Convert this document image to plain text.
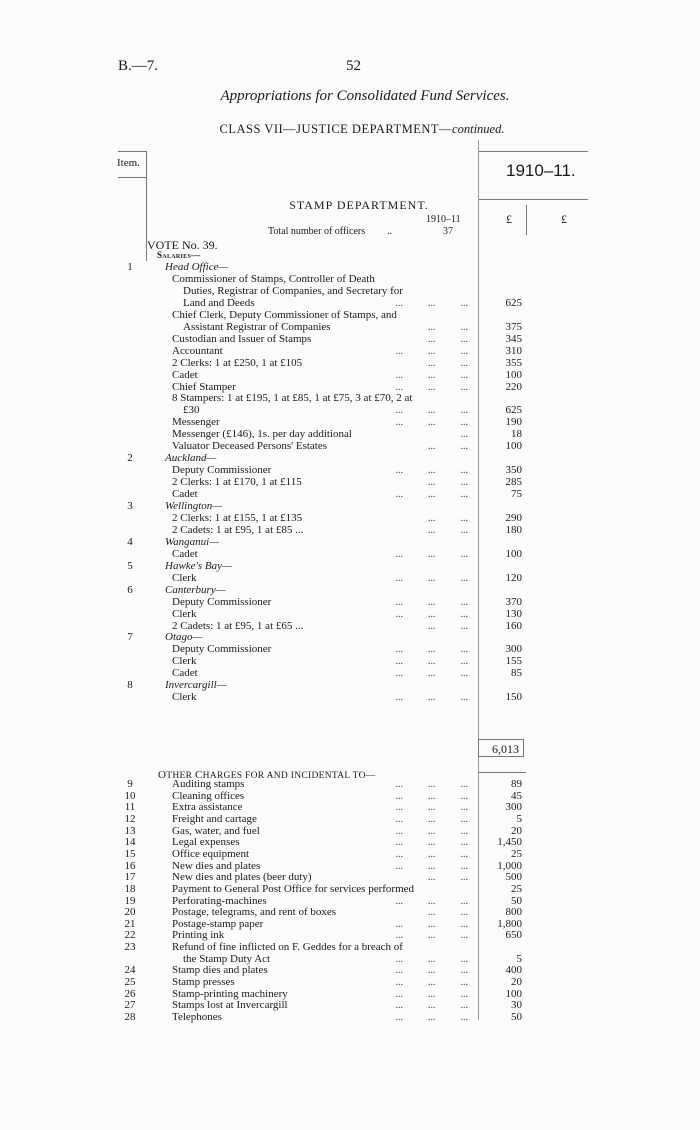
B.—7.	52
Appropriations for Consolidated Fund Services.
CLASS VII—JUSTICE DEPARTMENT—continued.
Item.	1910–11.
£	£
STAMP DEPARTMENT.
1910–11
Total number of officers ..	37
VOTE No. 39.
Salaries—
1	Head Office—
Commissioner of Stamps, Controller of Death
Duties, Registrar of Companies, and Secretary for
Land and Deeds	...          ...          ...	625
Chief Clerk, Deputy Commissioner of Stamps, and
Assistant Registrar of Companies	...          ...	375
Custodian and Issuer of Stamps	...          ...	345
Accountant	...          ...          ...	310
2 Clerks: 1 at £250, 1 at £105	...          ...	355
Cadet	...          ...          ...	100
Chief Stamper	...          ...          ...	220
8 Stampers: 1 at £195, 1 at £85, 1 at £75, 3 at £70, 2 at
£30	...          ...          ...	625
Messenger	...          ...          ...	190
Messenger (£146), 1s. per day additional	...	18
Valuator Deceased Persons' Estates	...          ...	100
2	Auckland—
Deputy Commissioner	...          ...          ...	350
2 Clerks: 1 at £170, 1 at £115	...          ...	285
Cadet	...          ...          ...	75
3	Wellington—
2 Clerks: 1 at £155, 1 at £135	...          ...	290
2 Cadets: 1 at £95, 1 at £85 ...	...          ...	180
4	Wanganui—
Cadet	...          ...          ...	100
5	Hawke's Bay—
Clerk	...          ...          ...	120
6	Canterbury—
Deputy Commissioner	...          ...          ...	370
Clerk	...          ...          ...	130
2 Cadets: 1 at £95, 1 at £65 ...	...          ...	160
7	Otago—
Deputy Commissioner	...          ...          ...	300
Clerk	...          ...          ...	155
Cadet	...          ...          ...	85
8	Invercargill—
Clerk	...          ...          ...	150
6,013
OTHER CHARGES FOR AND INCIDENTAL TO—
9	Auditing stamps	...          ...          ...	89
10	Cleaning offices	...          ...          ...	45
11	Extra assistance	...          ...          ...	300
12	Freight and cartage	...          ...          ...	5
13	Gas, water, and fuel	...          ...          ...	20
14	Legal expenses	...          ...          ...	1,450
15	Office equipment	...          ...          ...	25
16	New dies and plates	...          ...          ...	1,000
17	New dies and plates (beer duty)	...          ...	500
18	Payment to General Post Office for services performed	25
19	Perforating-machines	...          ...          ...	50
20	Postage, telegrams, and rent of boxes	...          ...	800
21	Postage-stamp paper	...          ...          ...	1,800
22	Printing ink	...          ...          ...	650
23	Refund of fine inflicted on F. Geddes for a breach of
the Stamp Duty Act	...          ...          ...	5
24	Stamp dies and plates	...          ...          ...	400
25	Stamp presses	...          ...          ...	20
26	Stamp-printing machinery	...          ...          ...	100
27	Stamps lost at Invercargill	...          ...          ...	30
28	Telephones	...          ...          ...	50
